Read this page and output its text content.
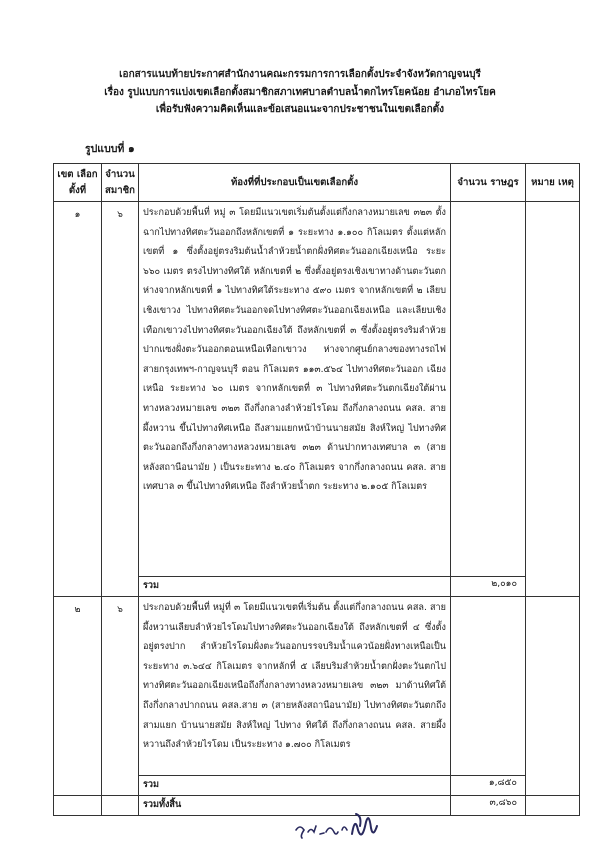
เอกสารแนบท้ายประกาศสำนักงานคณะกรรมการการเลือกตั้งประจำจังหวัดกาญจนบุรี
เรื่อง รูปแบบการแบ่งเขตเลือกตั้งสมาชิกสภาเทศบาลตำบลน้ำตกไทรโยคน้อย อำเภอไทรโยค
เพื่อรับฟังความคิดเห็นและข้อเสนอแนะจากประชาชนในเขตเลือกตั้ง
รูปแบบที่ ๑
เขต เลือกตั้งที่	จำนวน สมาชิก	ท้องที่ที่ประกอบเป็นเขตเลือกตั้ง	จำนวน ราษฎร	หมาย เหตุ
๑	๖	ประกอบด้วยพื้นที่ หมู่ ๓ โดยมีแนวเขตเริ่มต้นตั้งแต่กึ่งกลางหมายเลข ๓๒๓ ตั้งฉากไปทางทิศตะวันออกถึงหลักเขตที่ ๑ ระยะทาง ๑.๑๐๐ กิโลเมตร ตั้งแต่หลักเขตที่ ๑ ซึ่งตั้งอยู่ตรงริมต้นน้ำลำห้วยน้ำตกฝั่งทิศตะวันออกเฉียงเหนือ ระยะ ๖๖๐ เมตร ตรงไปทางทิศใต้ หลักเขตที่ ๒ ซึ่งตั้งอยู่ตรงเชิงเขาทางด้านตะวันตกห่างจากหลักเขตที่ ๑ ไปทางทิศใต้ระยะทาง ๕๙๐ เมตร จากหลักเขตที่ ๒ เลียบเชิงเขาวง ไปทางทิศตะวันออกจดไปทางทิศตะวันออกเฉียงเหนือ และเลียบเชิงเทือกเขาวงไปทางทิศตะวันออกเฉียงใต้ ถึงหลักเขตที่ ๓ ซึ่งตั้งอยู่ตรงริมลำห้วยปากแซงฝั่งตะวันออกตอนเหนือเทือกเขาวง ห่างจากศูนย์กลางของทางรถไฟสายกรุงเทพฯ-กาญจนบุรี ตอน กิโลเมตร ๑๑๓.๕๖๔ ไปทางทิศตะวันออก เฉียงเหนือ ระยะทาง ๖๐ เมตร จากหลักเขตที่ ๓ ไปทางทิศตะวันตกเฉียงใต้ผ่าน ทางหลวงหมายเลข ๓๒๓ ถึงกึ่งกลางลำห้วยไรโดม ถึงกึ่งกลางถนน คสล. สายผึ้งหวาน ขึ้นไปทางทิศเหนือ ถึงสามแยกหน้าบ้านนายสมัย สิงห์ใหญ่ ไปทางทิศตะวันออกถึงกึ่งกลางทางหลวงหมายเลข ๓๒๓ ด้านปากทางเทศบาล ๓ (สายหลังสถานีอนามัย ) เป็นระยะทาง ๒.๔๐ กิโลเมตร จากกึ่งกลางถนน คสล. สายเทศบาล ๓ ขึ้นไปทางทิศเหนือ ถึงลำห้วยน้ำตก ระยะทาง ๒.๑๐๕ กิโลเมตร		
		รวม	๒,๐๑๐	
๒	๖	ประกอบด้วยพื้นที่ หมู่ที่ ๓ โดยมีแนวเขตที่เริ่มต้น ตั้งแต่กึ่งกลางถนน คสล. สายผึ้งหวานเลียบลำห้วยไรโดมไปทางทิศตะวันออกเฉียงใต้ ถึงหลักเขตที่ ๔ ซึ่งตั้งอยู่ตรงปาก ลำห้วยไรโดมฝั่งตะวันออกบรรจบริมน้ำแควน้อยฝั่งทางเหนือเป็นระยะทาง ๓.๖๔๔ กิโลเมตร จากหลักที่ ๕ เลียบริมลำห้วยน้ำตกฝั่งตะวันตกไปทางทิศตะวันออกเฉียงเหนือถึงกึ่งกลางทางหลวงหมายเลข ๓๒๓ มาด้านทิศใต้ถึงกึ่งกลางปากถนน คสล.สาย ๓ (สายหลังสถานีอนามัย) ไปทางทิศตะวันตกถึงสามแยก บ้านนายสมัย สิงห์ใหญ่ ไปทาง ทิศใต้ ถึงกึ่งกลางถนน คสล. สายผึ้งหวานถึงลำห้วยไรโดม เป็นระยะทาง ๑.๗๐๐ กิโลเมตร		
		รวม	๑,๘๕๐	
		รวมทั้งสิ้น	๓,๘๖๐	
